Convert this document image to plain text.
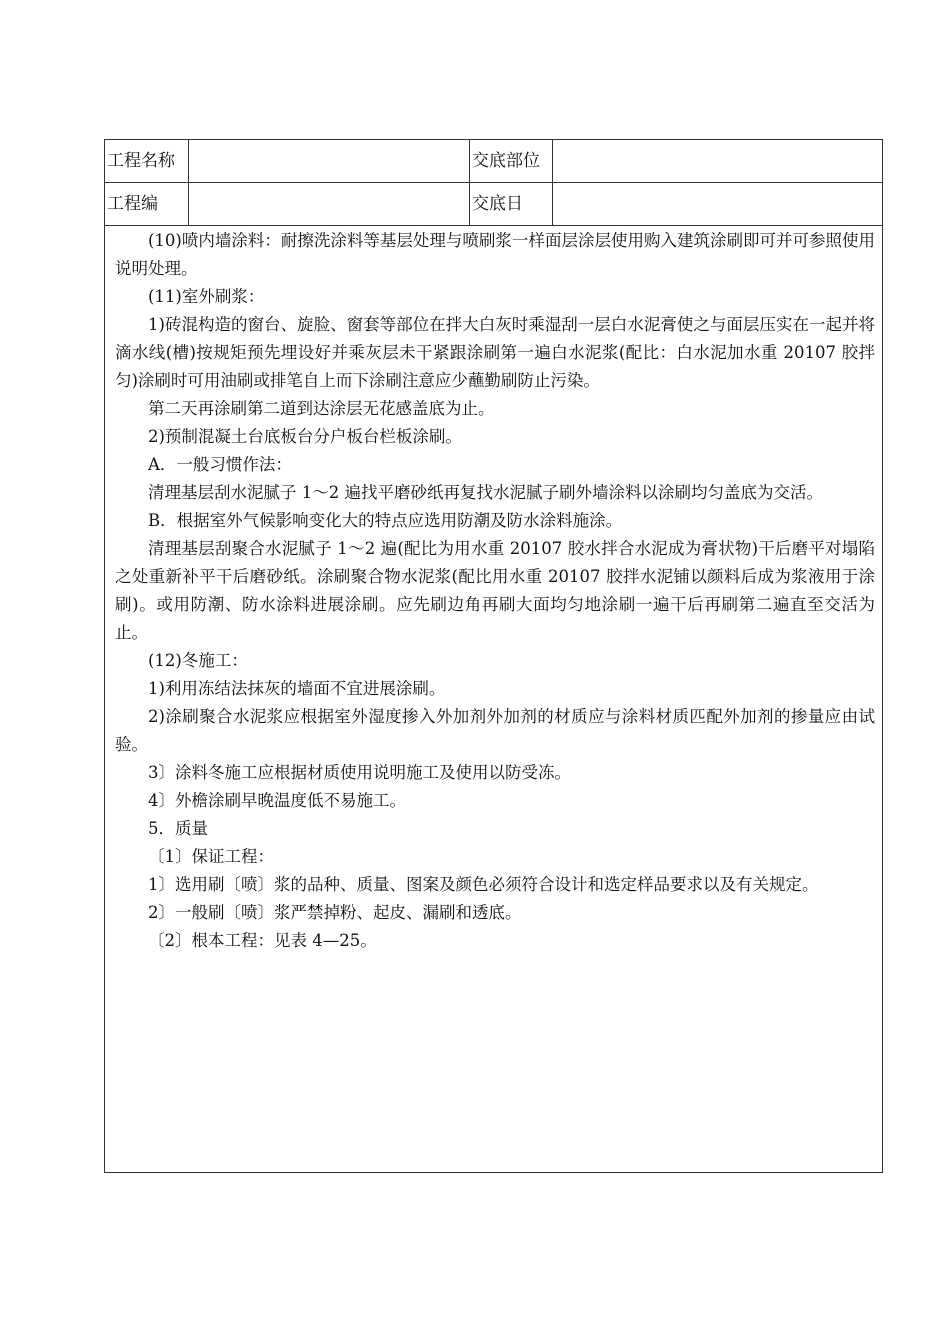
工程名称	交底部位
工程编	交底日

(10)喷内墙涂料：耐擦洗涂料等基层处理与喷刷浆一样面层涂层使用购入建筑涂刷即可并可参照使用说明处理。

(11)室外刷浆：

1)砖混构造的窗台、旋脸、窗套等部位在拌大白灰时乘湿刮一层白水泥膏使之与面层压实在一起并将滴水线(槽)按规矩预先埋设好并乘灰层未干紧跟涂刷第一遍白水泥浆(配比：白水泥加水重 20107 胶拌匀)涂刷时可用油刷或排笔自上而下涂刷注意应少蘸勤刷防止污染。

第二天再涂刷第二道到达涂层无花感盖底为止。

2)预制混凝土台底板台分户板台栏板涂刷。

A．一般习惯作法：

清理基层刮水泥腻子 1～2 遍找平磨砂纸再复找水泥腻子刷外墙涂料以涂刷均匀盖底为交活。

B．根据室外气候影响变化大的特点应选用防潮及防水涂料施涂。

清理基层刮聚合水泥腻子 1～2 遍(配比为用水重 20107 胶水拌合水泥成为膏状物)干后磨平对塌陷之处重新补平干后磨砂纸。涂刷聚合物水泥浆(配比用水重 20107 胶拌水泥铺以颜料后成为浆液用于涂刷)。或用防潮、防水涂料进展涂刷。应先刷边角再刷大面均匀地涂刷一遍干后再刷第二遍直至交活为止。

(12)冬施工：

1)利用冻结法抹灰的墙面不宜进展涂刷。

2)涂刷聚合水泥浆应根据室外湿度掺入外加剂外加剂的材质应与涂料材质匹配外加剂的掺量应由试验。

3〕涂料冬施工应根据材质使用说明施工及使用以防受冻。

4〕外檐涂刷早晚温度低不易施工。

5．质量

〔1〕保证工程：

1〕选用刷〔喷〕浆的品种、质量、图案及颜色必须符合设计和选定样品要求以及有关规定。

2〕一般刷〔喷〕浆严禁掉粉、起皮、漏刷和透底。

〔2〕根本工程：见表 4—25。
